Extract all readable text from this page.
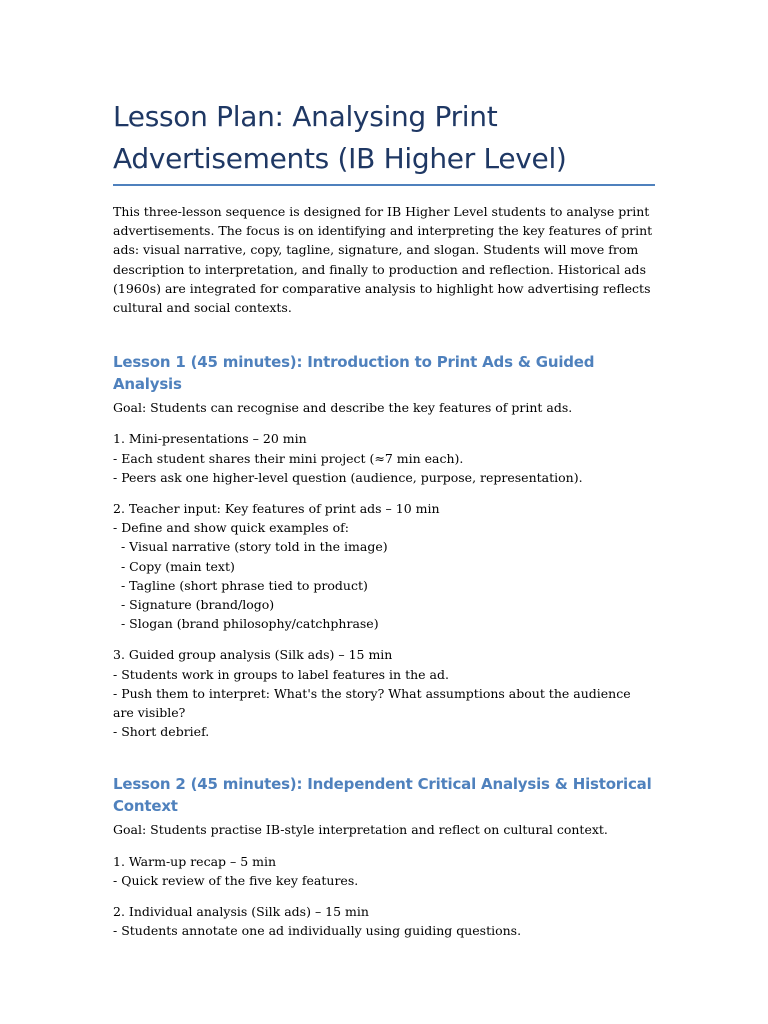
Lesson Plan: Analysing Print Advertisements (IB Higher Level)

This three-lesson sequence is designed for IB Higher Level students to analyse print advertisements. The focus is on identifying and interpreting the key features of print ads: visual narrative, copy, tagline, signature, and slogan. Students will move from description to interpretation, and finally to production and reflection. Historical ads (1960s) are integrated for comparative analysis to highlight how advertising reflects cultural and social contexts.

Lesson 1 (45 minutes): Introduction to Print Ads & Guided Analysis

Goal: Students can recognise and describe the key features of print ads.

1. Mini-presentations – 20 min
- Each student shares their mini project (≈7 min each).
- Peers ask one higher-level question (audience, purpose, representation).
2. Teacher input: Key features of print ads – 10 min
- Define and show quick examples of:
- Visual narrative (story told in the image)
- Copy (main text)
- Tagline (short phrase tied to product)
- Signature (brand/logo)
- Slogan (brand philosophy/catchphrase)
3. Guided group analysis (Silk ads) – 15 min
- Students work in groups to label features in the ad.
- Push them to interpret: What's the story? What assumptions about the audience are visible?
- Short debrief.
Lesson 2 (45 minutes): Independent Critical Analysis & Historical Context

Goal: Students practise IB-style interpretation and reflect on cultural context.

1. Warm-up recap – 5 min
- Quick review of the five key features.
2. Individual analysis (Silk ads) – 15 min
- Students annotate one ad individually using guiding questions.
